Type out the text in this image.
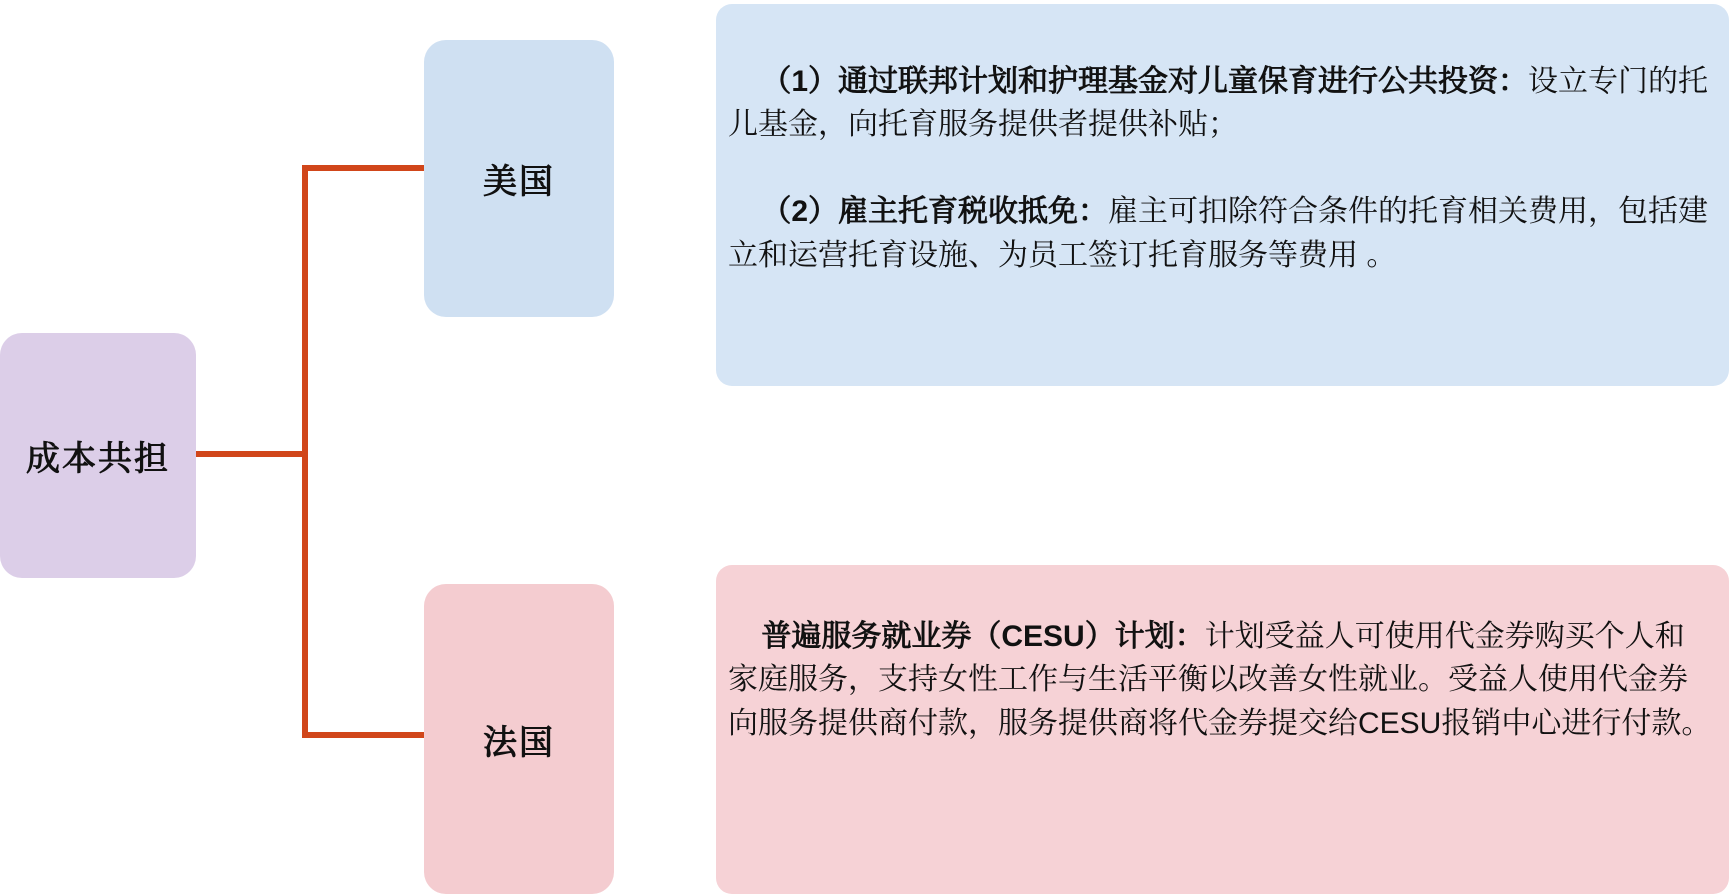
成本共担
美国
法国

（1）通过联邦计划和护理基金对儿童保育进行公共投资：设立专门的托儿基金，向托育服务提供者提供补贴；

（2）雇主托育税收抵免：雇主可扣除符合条件的托育相关费用，包括建立和运营托育设施、为员工签订托育服务等费用 。

普遍服务就业券（CESU）计划：计划受益人可使用代金券购买个人和家庭服务，支持女性工作与生活平衡以改善女性就业。受益人使用代金券向服务提供商付款，服务提供商将代金券提交给CESU报销中心进行付款。
